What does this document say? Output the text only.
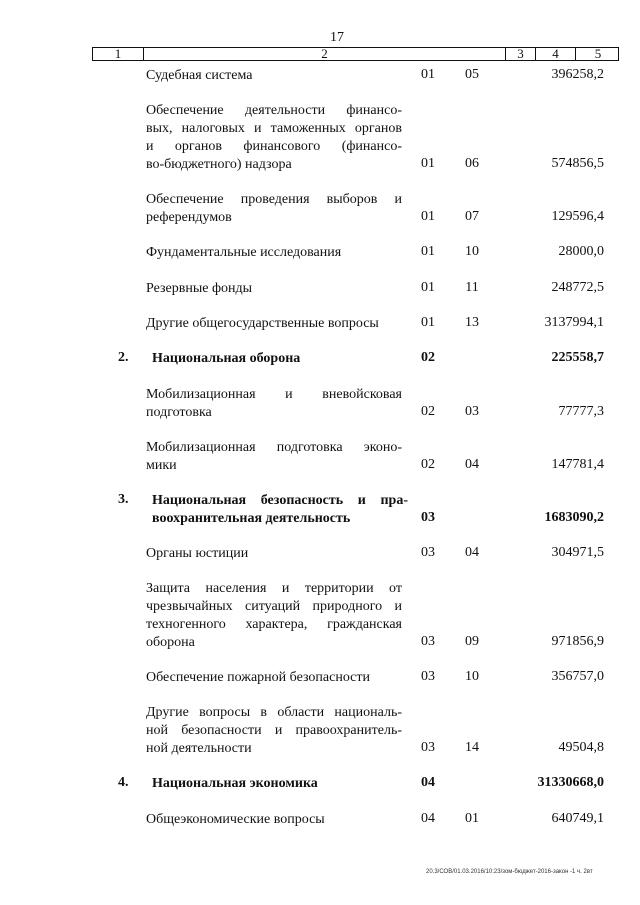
17
1	2	3	4	5
Судебная система	01	05	396258,2
Обеспечение деятельности финансо-
вых, налоговых и таможенных органов
и органов финансового (финансо-
во-бюджетного) надзора	01	06	574856,5
Обеспечение проведения выборов и
референдумов	01	07	129596,4
Фундаментальные исследования	01	10	28000,0
Резервные фонды	01	11	248772,5
Другие общегосударственные вопросы	01	13	3137994,1
2.	Национальная оборона	02	225558,7
Мобилизационная и вневойсковая
подготовка	02	03	77777,3
Мобилизационная подготовка эконо-
мики	02	04	147781,4
3.	Национальная безопасность и пра-
воохранительная деятельность	03	1683090,2
Органы юстиции	03	04	304971,5
Защита населения и территории от
чрезвычайных ситуаций природного и
техногенного характера, гражданская
оборона	03	09	971856,9
Обеспечение пожарной безопасности	03	10	356757,0
Другие вопросы в области националь-
ной безопасности и правоохранитель-
ной деятельности	03	14	49504,8
4.	Национальная экономика	04	31330668,0
Общеэкономические вопросы	04	01	640749,1
20.3/СОВ/01.03.2016/10:23/зом-бюджет-2016-закон -1 ч. 2вт
